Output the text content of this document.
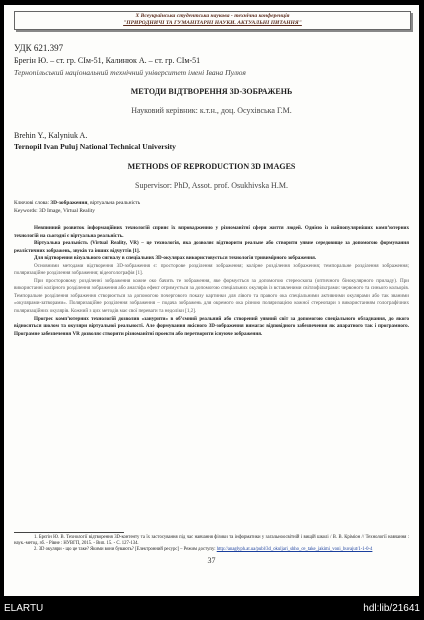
Х Всеукраїнська студентська наукова - технічна конференція
"ПРИРОДНИЧІ ТА ГУМАНІТАРНІ НАУКИ. АКТУАЛЬНІ ПИТАННЯ"
УДК 621.397
Брегін Ю. – ст. гр. СІм-51, Калинюк А. – ст. гр. СІм-51
Тернопільський національний технічний університет імені Івана Пулюя
МЕТОДИ ВІДТВОРЕННЯ 3D-ЗОБРАЖЕНЬ
Науковий керівник: к.т.н., доц. Осухівська Г.М.
Brehin Y., Kalyniuk A.
Ternopil Ivan Puluj National Technical University
METHODS OF REPRODUCTION 3D IMAGES
Supervisor: PhD, Assot. prof. Osukhivska H.M.
Ключові слова: 3D-зображення, віртуальна реальність
Keywords: 3D Image, Virtual Reality

Невпинний розвиток інформаційних технологій сприяє їх впровадженню у різноманітні сфери життя людей. Однією із найпопулярніших комп’ютерних технологій на сьогодні є віртуальна реальність.

Віртуальна реальність (Virtual Reality, VR) – це технологія, яка дозволяє відтворити реальне або створити уявне середовище за допомогою формування реалістичних зображень, звуків та інших відчуттів [1].

Для відтворення візуального сигналу в спеціальних 3D-окулярах використовується технологія тривимірного зображення.

Основними методами відтворення 3D-зображення є: просторове розділення зображення; колірне розділення зображення; темпоральне розділення зображення; поляризаційне розділення зображення; відеоголографія [1].

При просторовому розділенні зображення кожне око бачить те зображення, яке формується за допомогою стереоскопа (оптичного бінокулярного приладу). При використанні колірного розділення зображення або анагліфа ефект отримується за допомогою спеціальних окулярів із вставленими світлофільтрами: червоного та синього кольорів. Темпоральне розділення зображення створюється за допомогою почергового показу картинки для лівого та правого ока спеціальними активними окулярами або так званими «окулярами-затворами». Поляризаційне розділення зображення – подача зображень для окремого ока різною поляризацією кожної стереопари з використанням голографічних поляризаційних окулярів. Кожний з цих методів має свої переваги та недоліки [1,2].

Прогрес комп’ютерних технологій дозволив «занурити» в об’ємний реальний або створений уявний світ за допомогою спеціального обладнання, до якого відносяться шолом та окуляри віртуальної реальності. Але формування якісного 3D-зображення вимагає відповідного забезпечення як апаратного так і програмного. Програмне забезпечення VR дозволяє створити різноманітні проекти або перетворити існуюче зображення.

1. Брєгін Ю. В. Технології відтворення 3D-контенту та їх застосування під час навчання фізики та інформатики у загальноосвітній і вищій школі / В. В. Кріміон // Технології навчання : наук.-метод. зб. - Рівне : НУВГП, 2015. - Вип. 15. - С. 127-134.

2. 3D окуляри - що це таке? Якими вони бувають? [Електронний ресурс] – Режим доступу: http://anaglyph.at.ua/publ/3d_okuljari_shho_ce_take_jakimi_voni_buvajut/1-1-0-4

37
ELARTU	hdl:lib/21641
